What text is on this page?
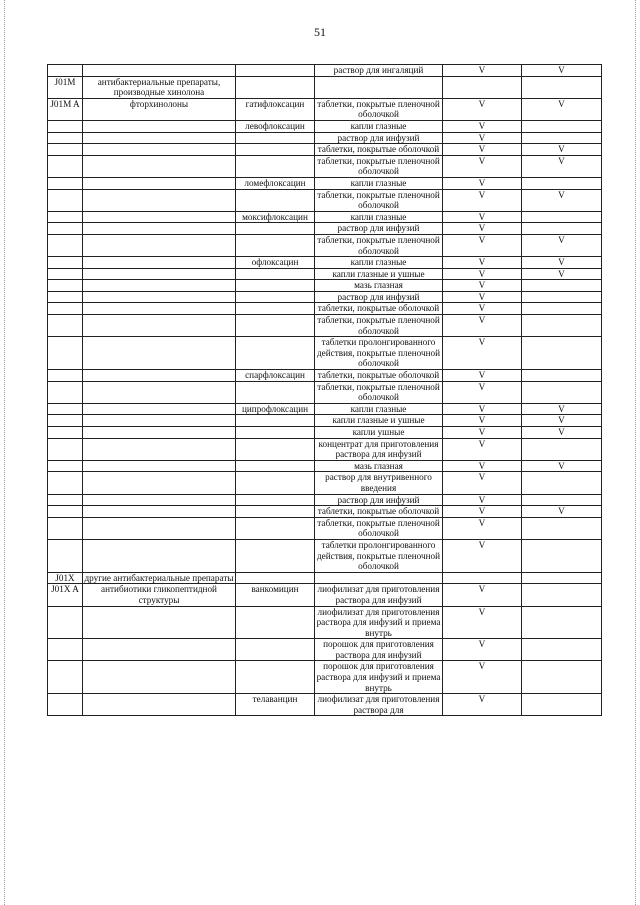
51
			раствор для ингаляций	V	V
J01M	антибактериальные препараты, производные хинолона				
J01M A	фторхинолоны	гатифлоксацин	таблетки, покрытые пленочной оболочкой	V	V
		левофлоксацин	капли глазные	V	
			раствор для инфузий	V	
			таблетки, покрытые оболочкой	V	V
			таблетки, покрытые пленочной оболочкой	V	V
		ломефлоксацин	капли глазные	V	
			таблетки, покрытые пленочной оболочкой	V	V
		моксифлоксацин	капли глазные	V	
			раствор для инфузий	V	
			таблетки, покрытые пленочной оболочкой	V	V
		офлоксацин	капли глазные	V	V
			капли глазные и ушные	V	V
			мазь глазная	V	
			раствор для инфузий	V	
			таблетки, покрытые оболочкой	V	
			таблетки, покрытые пленочной оболочкой	V	
			таблетки пролонгированного действия, покрытые пленочной оболочкой	V	
		спарфлоксацин	таблетки, покрытые оболочкой	V	
			таблетки, покрытые пленочной оболочкой	V	
		ципрофлоксацин	капли глазные	V	V
			капли глазные и ушные	V	V
			капли ушные	V	V
			концентрат для приготовления раствора для инфузий	V	
			мазь глазная	V	V
			раствор для внутривенного введения	V	
			раствор для инфузий	V	
			таблетки, покрытые оболочкой	V	V
			таблетки, покрытые пленочной оболочкой	V	
			таблетки пролонгированного действия, покрытые пленочной оболочкой	V	
J01X	другие антибактериальные препараты				
J01X A	антибиотики гликопептидной структуры	ванкомицин	лиофилизат для приготовления раствора для инфузий	V	
			лиофилизат для приготовления раствора для инфузий и приема внутрь	V	
			порошок для приготовления раствора для инфузий	V	
			порошок для приготовления раствора для инфузий и приема внутрь	V	
		телаванцин	лиофилизат для приготовления раствора для	V	
